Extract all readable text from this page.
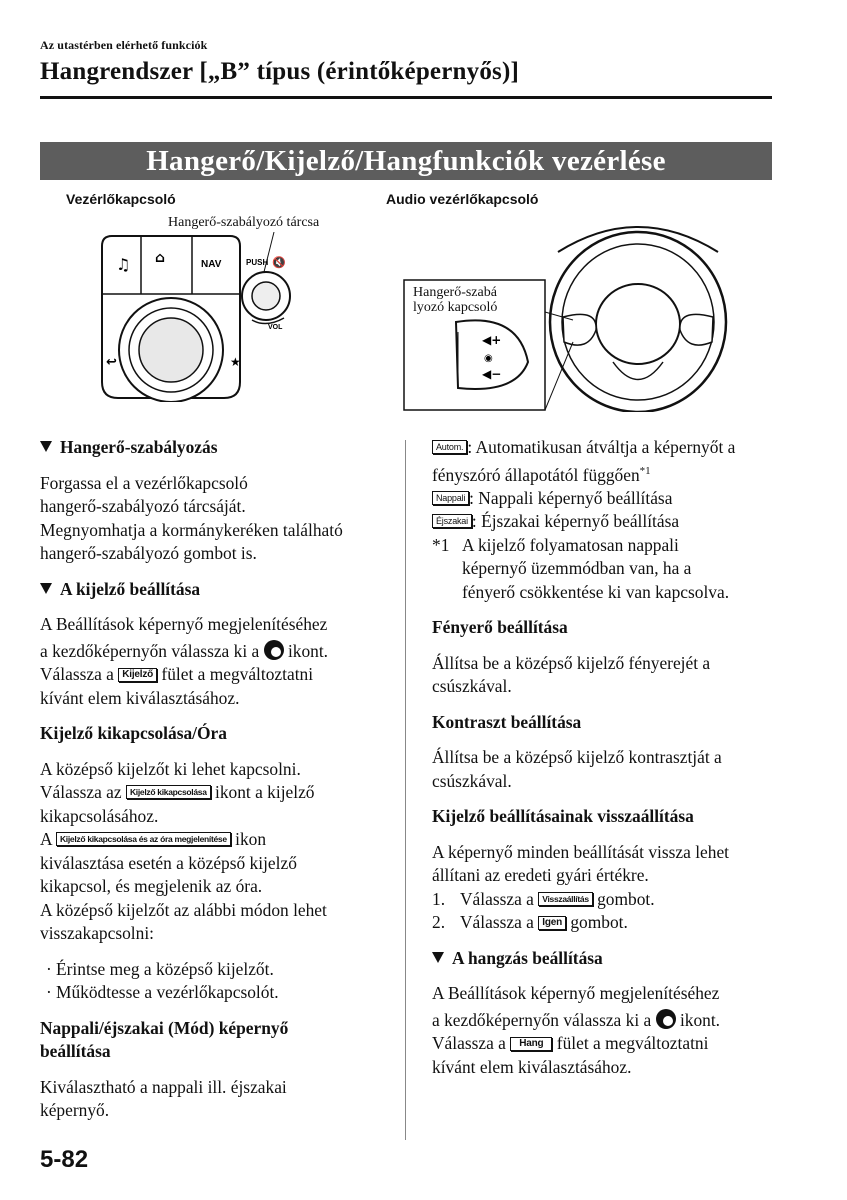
Az utastérben elérhető funkciók
Hangrendszer [„B” típus (érintőképernyős)]
Hangerő/Kijelző/Hangfunkciók vezérlése
Vezérlőkapcsoló
Hangerő-szabályozó tárcsa
♫ ⌂	NAV
↩	★
PUSH 🔇
VOL
Audio vezérlőkapcsoló
◀+
◉
◀−
Hangerő-szabá
lyozó kapcsoló

Hangerő-szabályozás

Forgassa el a vezérlőkapcsoló

hangerő-szabályozó tárcsáját.

Megnyomhatja a kormánykeréken található

hangerő-szabályozó gombot is.

A kijelző beállítása

A Beállítások képernyő megjelenítéséhez

a kezdőképernyőn válassza ki a ikont.

Válassza a Kijelző fület a megváltoztatni

kívánt elem kiválasztásához.

Kijelző kikapcsolása/Óra

A középső kijelzőt ki lehet kapcsolni.

Válassza az Kijelző kikapcsolása ikont a kijelző

kikapcsolásához.

A Kijelző kikapcsolása és az óra megjelenítése ikon

kiválasztása esetén a középső kijelző

kikapcsol, és megjelenik az óra.

A középső kijelzőt az alábbi módon lehet

visszakapcsolni:

· Érintse meg a középső kijelzőt.

· Működtesse a vezérlőkapcsolót.

Nappali/éjszakai (Mód) képernyő

beállítása

Kiválasztható a nappali ill. éjszakai

képernyő.

Autom. : Automatikusan átváltja a képernyőt a

fényszóró állapotától függően$^{*1}$

Nappali : Nappali képernyő beállítása

Éjszakai : Éjszakai képernyő beállítása

*1 A kijelző folyamatosan nappali

képernyő üzemmódban van, ha a

fényerő csökkentése ki van kapcsolva.

Fényerő beállítása

Állítsa be a középső kijelző fényerejét a

csúszkával.

Kontraszt beállítása

Állítsa be a középső kijelző kontrasztját a

csúszkával.

Kijelző beállításainak visszaállítása

A képernyő minden beállítását vissza lehet

állítani az eredeti gyári értékre.

1. Válassza a Visszaállítás gombot.

2. Válassza a Igen gombot.

A hangzás beállítása

A Beállítások képernyő megjelenítéséhez

a kezdőképernyőn válassza ki a ikont.

Válassza a Hang fület a megváltoztatni

kívánt elem kiválasztásához.

5-82
